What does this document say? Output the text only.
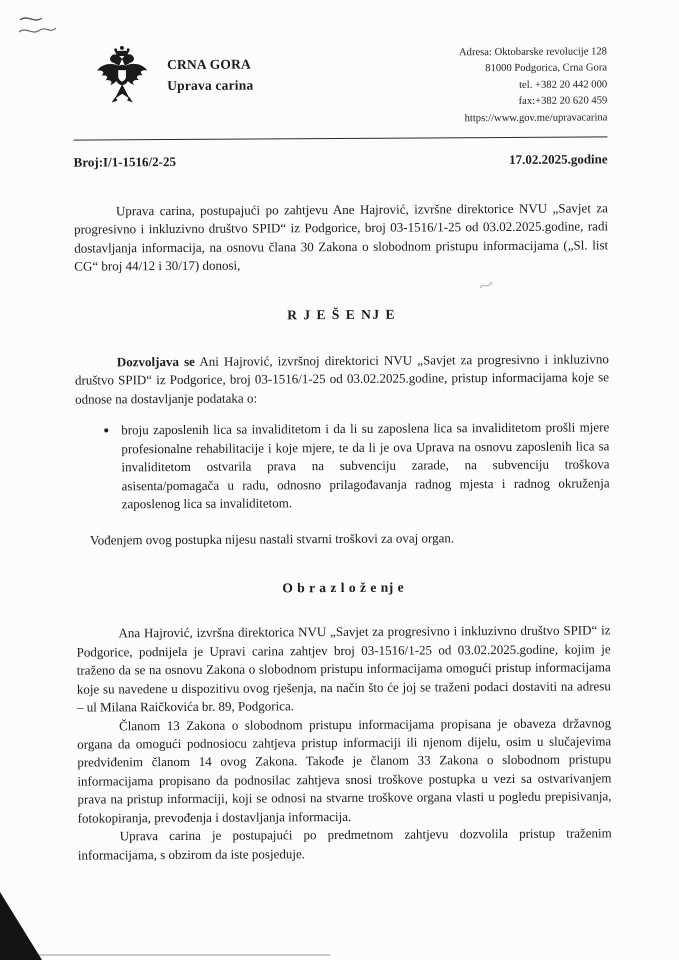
CRNA GORA
Uprava carina
Adresa: Oktobarske revolucije 128
81000 Podgorica, Crna Gora
tel. +382 20 442 000
fax:+382 20 620 459
https://www.gov.me/upravacarina
Broj:I/1-1516/2-25	17.02.2025.godine

Uprava carina, postupajući po zahtjevu Ane Hajrović, izvršne direktorice NVU „Savjet za progresivno i inkluzivno društvo SPID“ iz Podgorice, broj 03-1516/1-25 od 03.02.2025.godine, radi dostavljanja informacija, na osnovu člana 30 Zakona o slobodnom pristupu informacijama („Sl. list CG“ broj 44/12 i 30/17) donosi,

R J E Š E NJ E

Dozvoljava se Ani Hajrović, izvršnoj direktorici NVU „Savjet za progresivno i inkluzivno društvo SPID“ iz Podgorice, broj 03-1516/1-25 od 03.02.2025.godine, pristup informacijama koje se odnose na dostavljanje podataka o:

• broju zaposlenih lica sa invaliditetom i da li su zaposlena lica sa invaliditetom prošli mjere profesionalne rehabilitacije i koje mjere, te da li je ova Uprava na osnovu zaposlenih lica sa invaliditetom ostvarila prava na subvenciju zarade, na subvenciju troškova asisenta/pomagača u radu, odnosno prilagođavanja radnog mjesta i radnog okruženja zaposlenog lica sa invaliditetom.

Vođenjem ovog postupka nijesu nastali stvarni troškovi za ovaj organ.

O b r a z l o ž e nj e

Ana Hajrović, izvršna direktorica NVU „Savjet za progresivno i inkluzivno društvo SPID“ iz Podgorice, podnijela je Upravi carina zahtjev broj 03-1516/1-25 od 03.02.2025.godine, kojim je traženo da se na osnovu Zakona o slobodnom pristupu informacijama omogući pristup informacijama koje su navedene u dispozitivu ovog rješenja, na način što će joj se traženi podaci dostaviti na adresu – ul Milana Raičkovića br. 89, Podgorica.

Članom 13 Zakona o slobodnom pristupu informacijama propisana je obaveza državnog organa da omogući podnosiocu zahtjeva pristup informaciji ili njenom dijelu, osim u slučajevima predviđenim članom 14 ovog Zakona. Takođe je članom 33 Zakona o slobodnom pristupu informacijama propisano da podnosilac zahtjeva snosi troškove postupka u vezi sa ostvarivanjem prava na pristup informaciji, koji se odnosi na stvarne troškove organa vlasti u pogledu prepisivanja, fotokopiranja, prevođenja i dostavljanja informacija.

Uprava carina je postupajući po predmetnom zahtjevu dozvolila pristup traženim informacijama, s obzirom da iste posjeduje.
